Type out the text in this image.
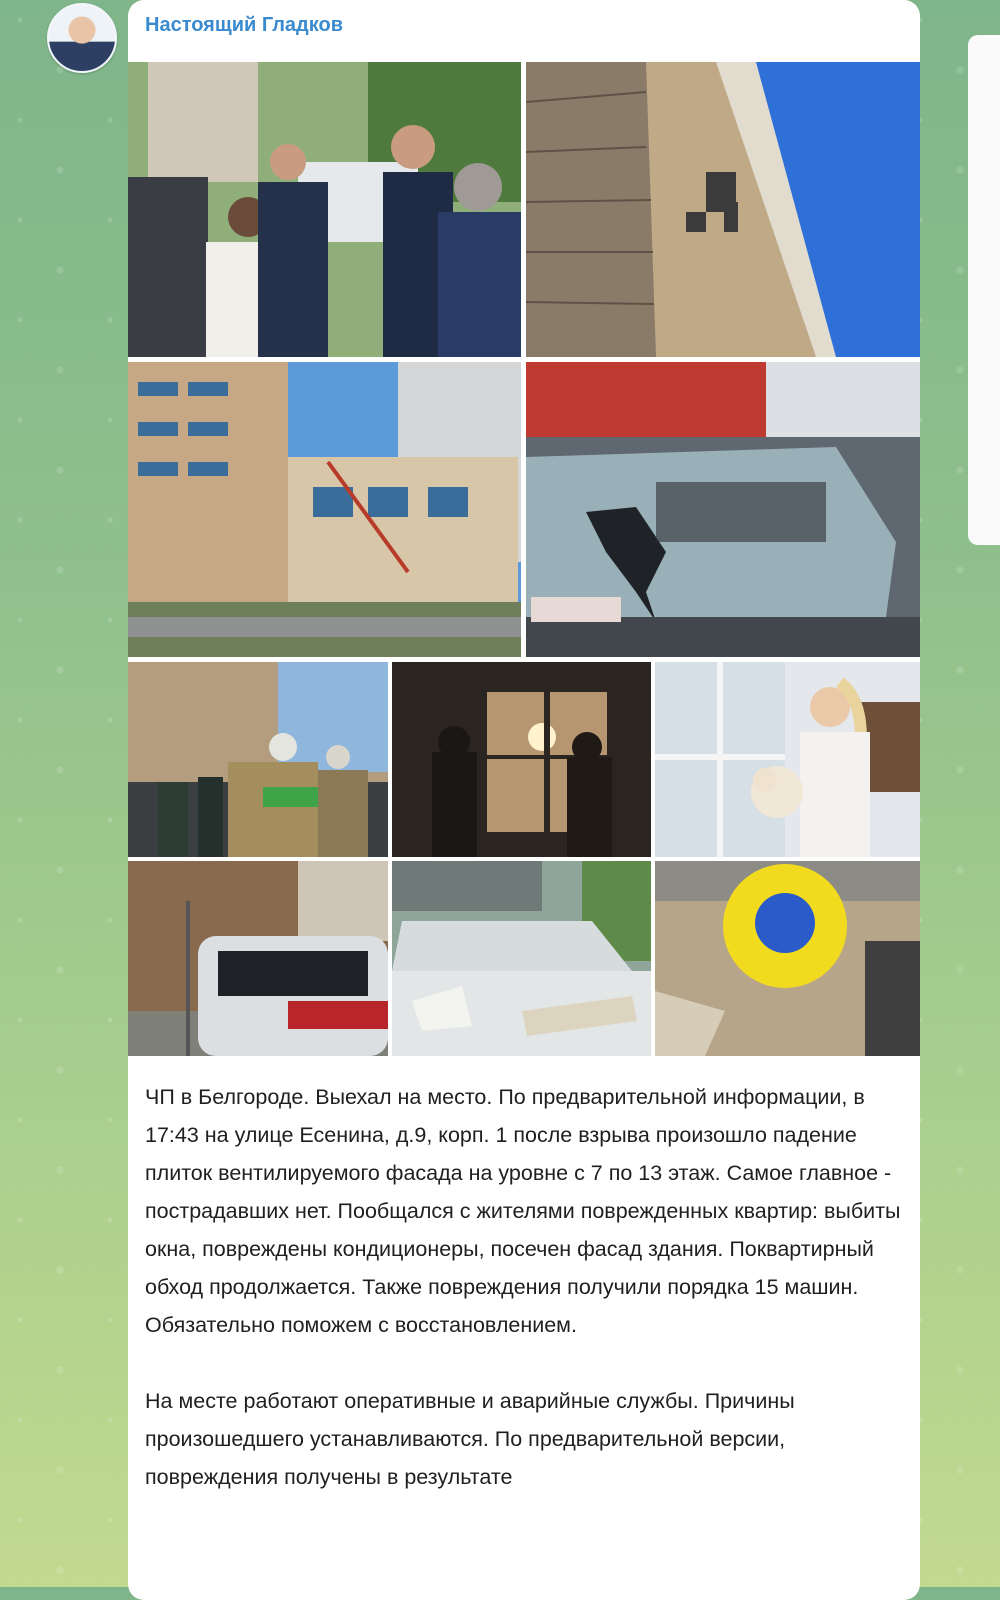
Настоящий Гладков

ЧП в Белгороде. Выехал на место. По предварительной информации, в 17:43 на улице Есенина, д.9, корп. 1 после взрыва произошло падение плиток вентилируемого фасада на уровне с 7 по 13 этаж. Самое главное - пострадавших нет. Пообщался с жителями поврежденных квартир: выбиты окна, повреждены кондиционеры, посечен фасад здания. Поквартирный обход продолжается. Также повреждения получили порядка 15 машин. Обязательно поможем с восстановлением.

На месте работают оперативные и аварийные службы. Причины произошедшего устанавливаются. По предварительной версии, повреждения получены в результате
